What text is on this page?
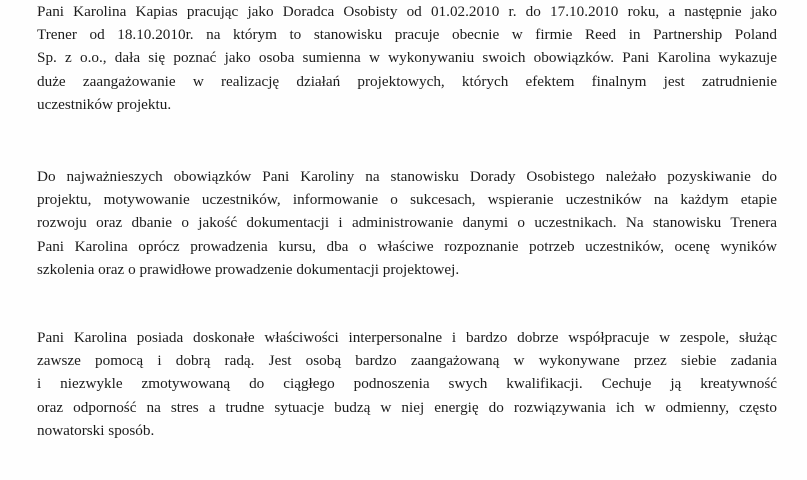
Pani Karolina Kapias pracując jako Doradca Osobisty od 01.02.2010 r. do 17.10.2010 roku, a następnie jako
Trener od 18.10.2010r. na którym to stanowisku pracuje obecnie w firmie Reed in Partnership Poland
Sp. z o.o., dała się poznać jako osoba sumienna w wykonywaniu swoich obowiązków. Pani Karolina wykazuje
duże zaangażowanie w realizację działań projektowych, których efektem finalnym jest zatrudnienie
uczestników projektu.

Do najważnieszych obowiązków Pani Karoliny na stanowisku Dorady Osobistego należało pozyskiwanie do
projektu, motywowanie uczestników, informowanie o sukcesach, wspieranie uczestników na każdym etapie
rozwoju oraz dbanie o jakość dokumentacji i administrowanie danymi o uczestnikach. Na stanowisku Trenera
Pani Karolina oprócz prowadzenia kursu, dba o właściwe rozpoznanie potrzeb uczestników, ocenę wyników
szkolenia oraz o prawidłowe prowadzenie dokumentacji projektowej.

Pani Karolina posiada doskonałe właściwości interpersonalne i bardzo dobrze współpracuje w zespole, służąc
zawsze pomocą i dobrą radą. Jest osobą bardzo zaangażowaną w wykonywane przez siebie zadania
i niezwykle zmotywowaną do ciągłego podnoszenia swych kwalifikacji. Cechuje ją kreatywność
oraz odporność na stres a trudne sytuacje budzą w niej energię do rozwiązywania ich w odmienny, często
nowatorski sposób.
